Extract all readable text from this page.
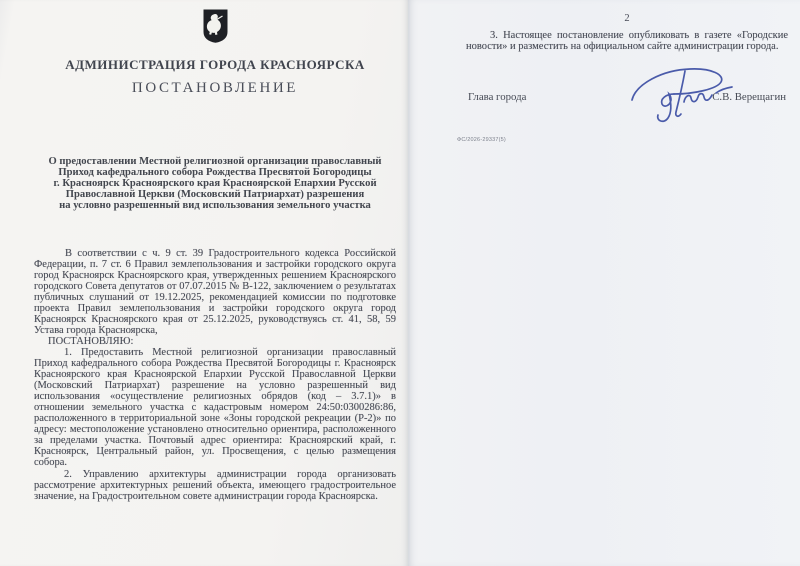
АДМИНИСТРАЦИЯ ГОРОДА КРАСНОЯРСКА
ПОСТАНОВЛЕНИЕ
О предоставлении Местной религиозной организации православный
Приход кафедрального собора Рождества Пресвятой Богородицы
г. Красноярск Красноярского края Красноярской Епархии Русской
Православной Церкви (Московский Патриархат) разрешения
на условно разрешенный вид использования земельного участка

В соответствии с ч. 9 ст. 39 Градостроительного кодекса Российской Федерации, п. 7 ст. 6 Правил землепользования и застройки городского округа город Красноярск Красноярского края, утвержденных решением Красноярского городского Совета депутатов от 07.07.2015 № В-122, заключением о результатах публичных слушаний от 19.12.2025, рекомендацией комиссии по подготовке проекта Правил землепользования и застройки городского округа город Красноярск Красноярского края от 25.12.2025, руководствуясь ст. 41, 58, 59 Устава города Красноярска,

ПОСТАНОВЛЯЮ:

1. Предоставить Местной религиозной организации православный Приход кафедрального собора Рождества Пресвятой Богородицы г. Красноярск Красноярского края Красноярской Епархии Русской Православной Церкви (Московский Патриархат) разрешение на условно разрешенный вид использования «осуществление религиозных обрядов (код – 3.7.1)» в отношении земельного участка с кадастровым номером 24:50:0300286:86, расположенного в территориальной зоне «Зоны городской рекреации (Р-2)» по адресу: местоположение установлено относительно ориентира, расположенного за пределами участка. Почтовый адрес ориентира: Красноярский край, г. Красноярск, Центральный район, ул. Просвещения, с целью размещения собора.

2. Управлению архитектуры администрации города организовать рассмотрение архитектурных решений объекта, имеющего градостроительное значение, на Градостроительном совете администрации города Красноярска.

2

3. Настоящее постановление опубликовать в газете «Городские новости» и разместить на официальном сайте администрации города.

Глава города	С.В. Верещагин
ФС/2026-29337(5)
